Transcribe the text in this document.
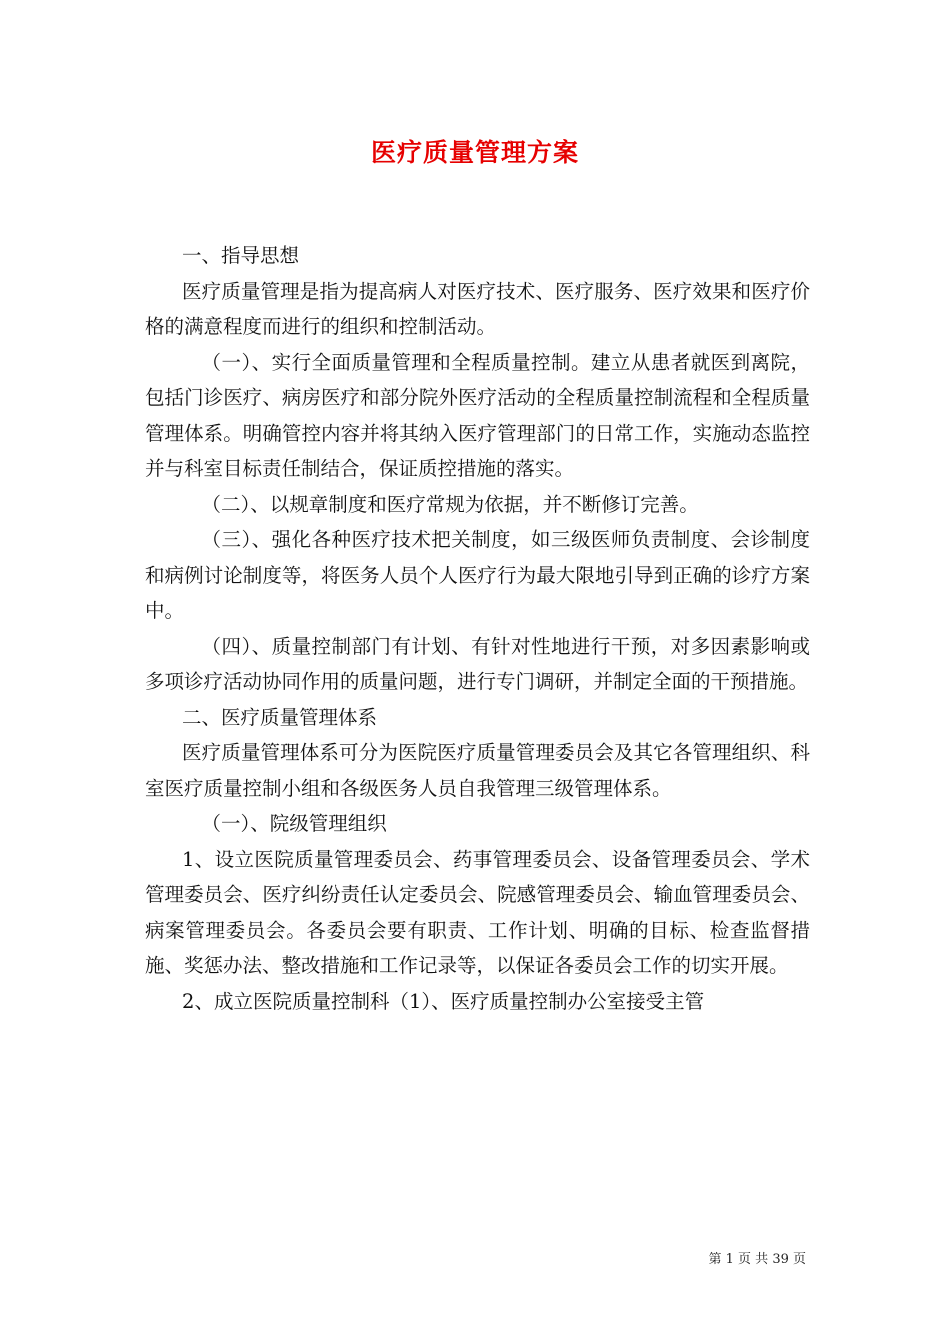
医疗质量管理方案

一、指导思想

医疗质量管理是指为提高病人对医疗技术、医疗服务、医疗效果和医疗价格的满意程度而进行的组织和控制活动。

（一）、实行全面质量管理和全程质量控制。建立从患者就医到离院，包括门诊医疗、病房医疗和部分院外医疗活动的全程质量控制流程和全程质量管理体系。明确管控内容并将其纳入医疗管理部门的日常工作，实施动态监控并与科室目标责任制结合，保证质控措施的落实。

（二）、以规章制度和医疗常规为依据，并不断修订完善。

（三）、强化各种医疗技术把关制度，如三级医师负责制度、会诊制度和病例讨论制度等，将医务人员个人医疗行为最大限地引导到正确的诊疗方案中。

（四）、质量控制部门有计划、有针对性地进行干预，对多因素影响或多项诊疗活动协同作用的质量问题，进行专门调研，并制定全面的干预措施。

二、医疗质量管理体系

医疗质量管理体系可分为医院医疗质量管理委员会及其它各管理组织、科室医疗质量控制小组和各级医务人员自我管理三级管理体系。

（一）、院级管理组织

1、设立医院质量管理委员会、药事管理委员会、设备管理委员会、学术管理委员会、医疗纠纷责任认定委员会、院感管理委员会、输血管理委员会、病案管理委员会。各委员会要有职责、工作计划、明确的目标、检查监督措施、奖惩办法、整改措施和工作记录等，以保证各委员会工作的切实开展。

2、成立医院质量控制科（1）、医疗质量控制办公室接受主管

第 1 页 共 39 页
